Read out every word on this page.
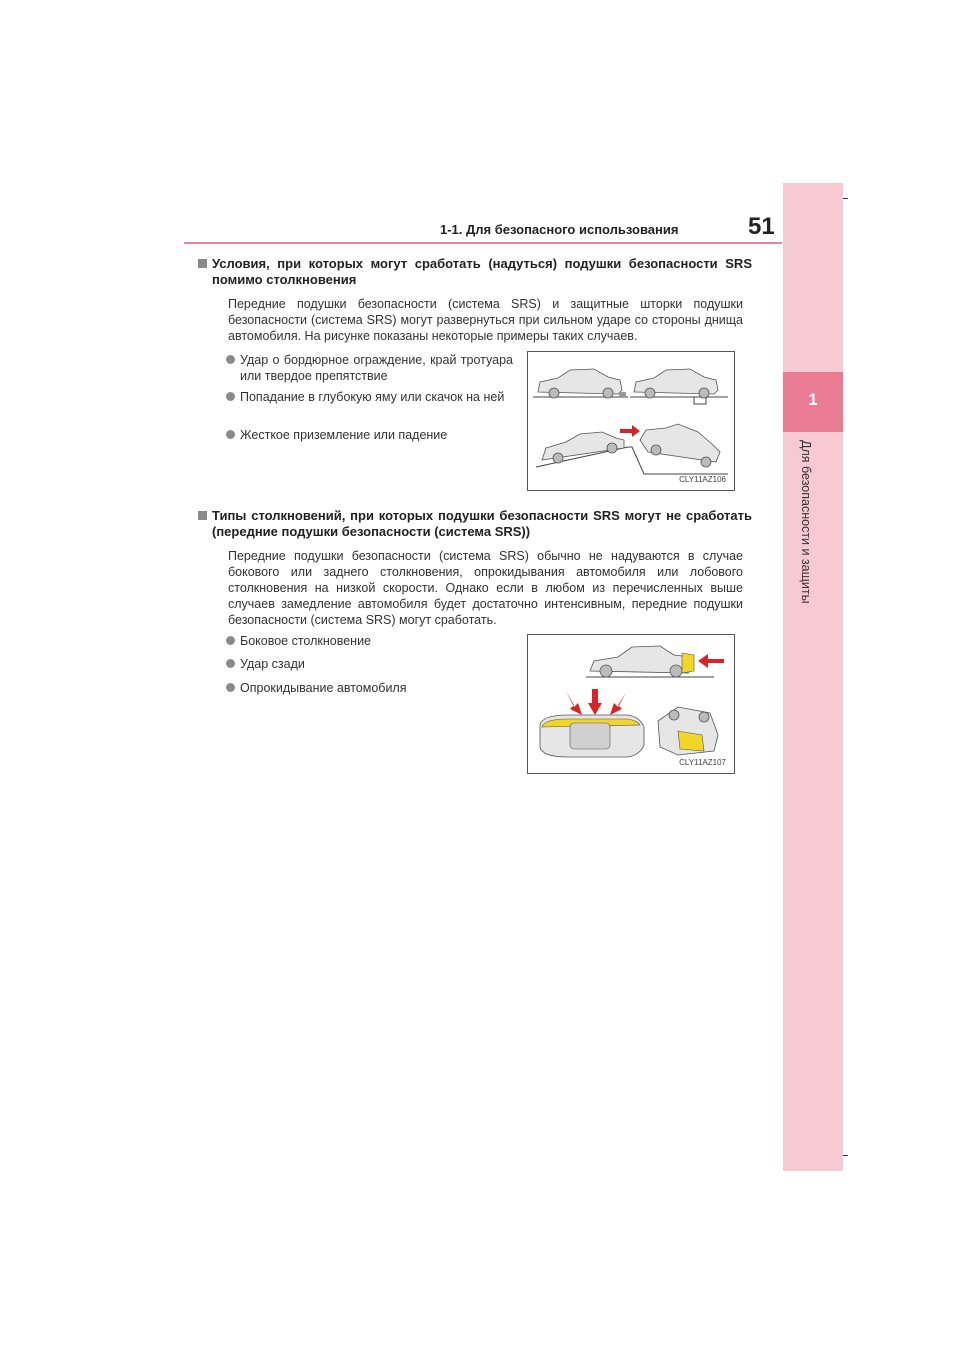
1
Для безопасности и защиты
1-1. Для безопасного использования	51
Условия, при которых могут сработать (надуться) подушки безопасности SRS помимо столкновения
Передние подушки безопасности (система SRS) и защитные шторки подушки безопасности (система SRS) могут развернуться при сильном ударе со стороны днища автомобиля. На рисунке показаны некоторые примеры таких случаев.
Удар о бордюрное ограждение, край тротуара или твердое препятствие
Попадание в глубокую яму или скачок на ней
Жесткое приземление или падение
CLY11AZ106
Типы столкновений, при которых подушки безопасности SRS могут не сработать (передние подушки безопасности (система SRS))
Передние подушки безопасности (система SRS) обычно не надуваются в случае бокового или заднего столкновения, опрокидывания автомобиля или лобового столкновения на низкой скорости. Однако если в любом из перечисленных выше случаев замедление автомобиля будет достаточно интенсивным, передние подушки безопасности (система SRS) могут сработать.
Боковое столкновение
Удар сзади
Опрокидывание автомобиля
CLY11AZ107
